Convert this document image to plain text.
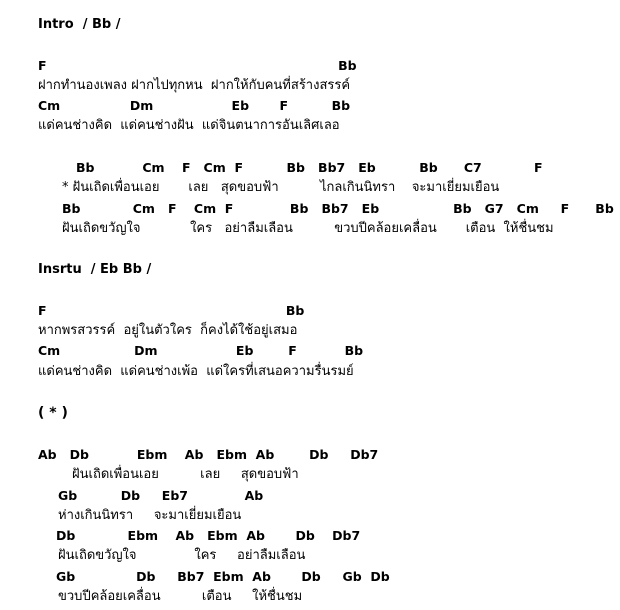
Intro  / Bb /
F                                                                   Bb
ฝากทำนองเพลง ฝากไปทุกหน  ฝากให้กับคนที่สร้างสรรค์
Cm                Dm                  Eb       F          Bb
แด่คนช่างคิด  แด่คนช่างฝัน  แด่จินตนาการอันเลิศเลอ
Bb           Cm    F   Cm  F          Bb   Bb7   Eb          Bb      C7            F
* ฝันเถิดเพื่อนเอย       เลย   สุดขอบฟ้า          ไกลเกินนิทรา    จะมาเยี่ยมเยือน
Bb            Cm   F    Cm  F             Bb   Bb7   Eb                 Bb   G7   Cm     F      Bb
ฝันเถิดขวัญใจ            ใคร   อย่าลืมเลือน          ขวบปีคล้อยเคลื่อน       เตือน  ให้ชื่นชม
Insrtu  / Eb Bb /
F                                                       Bb
หากพรสวรรค์  อยู่ในตัวใคร  ก็คงได้ใช้อยู่เสมอ
Cm                 Dm                  Eb        F           Bb
แด่คนช่างคิด  แด่คนช่างเพ้อ  แด่ใครที่เสนอความรื่นรมย์
( * )
Ab   Db           Ebm    Ab   Ebm  Ab        Db     Db7
ฝันเถิดเพื่อนเอย          เลย     สุดขอบฟ้า
Gb          Db     Eb7             Ab
ห่างเกินนิทรา     จะมาเยี่ยมเยือน
Db            Ebm    Ab   Ebm  Ab       Db    Db7
ฝันเถิดขวัญใจ              ใคร     อย่าลืมเลือน
Gb              Db     Bb7  Ebm  Ab       Db     Gb  Db
ขวบปีคล้อยเคลื่อน          เตือน     ให้ชื่นชม
